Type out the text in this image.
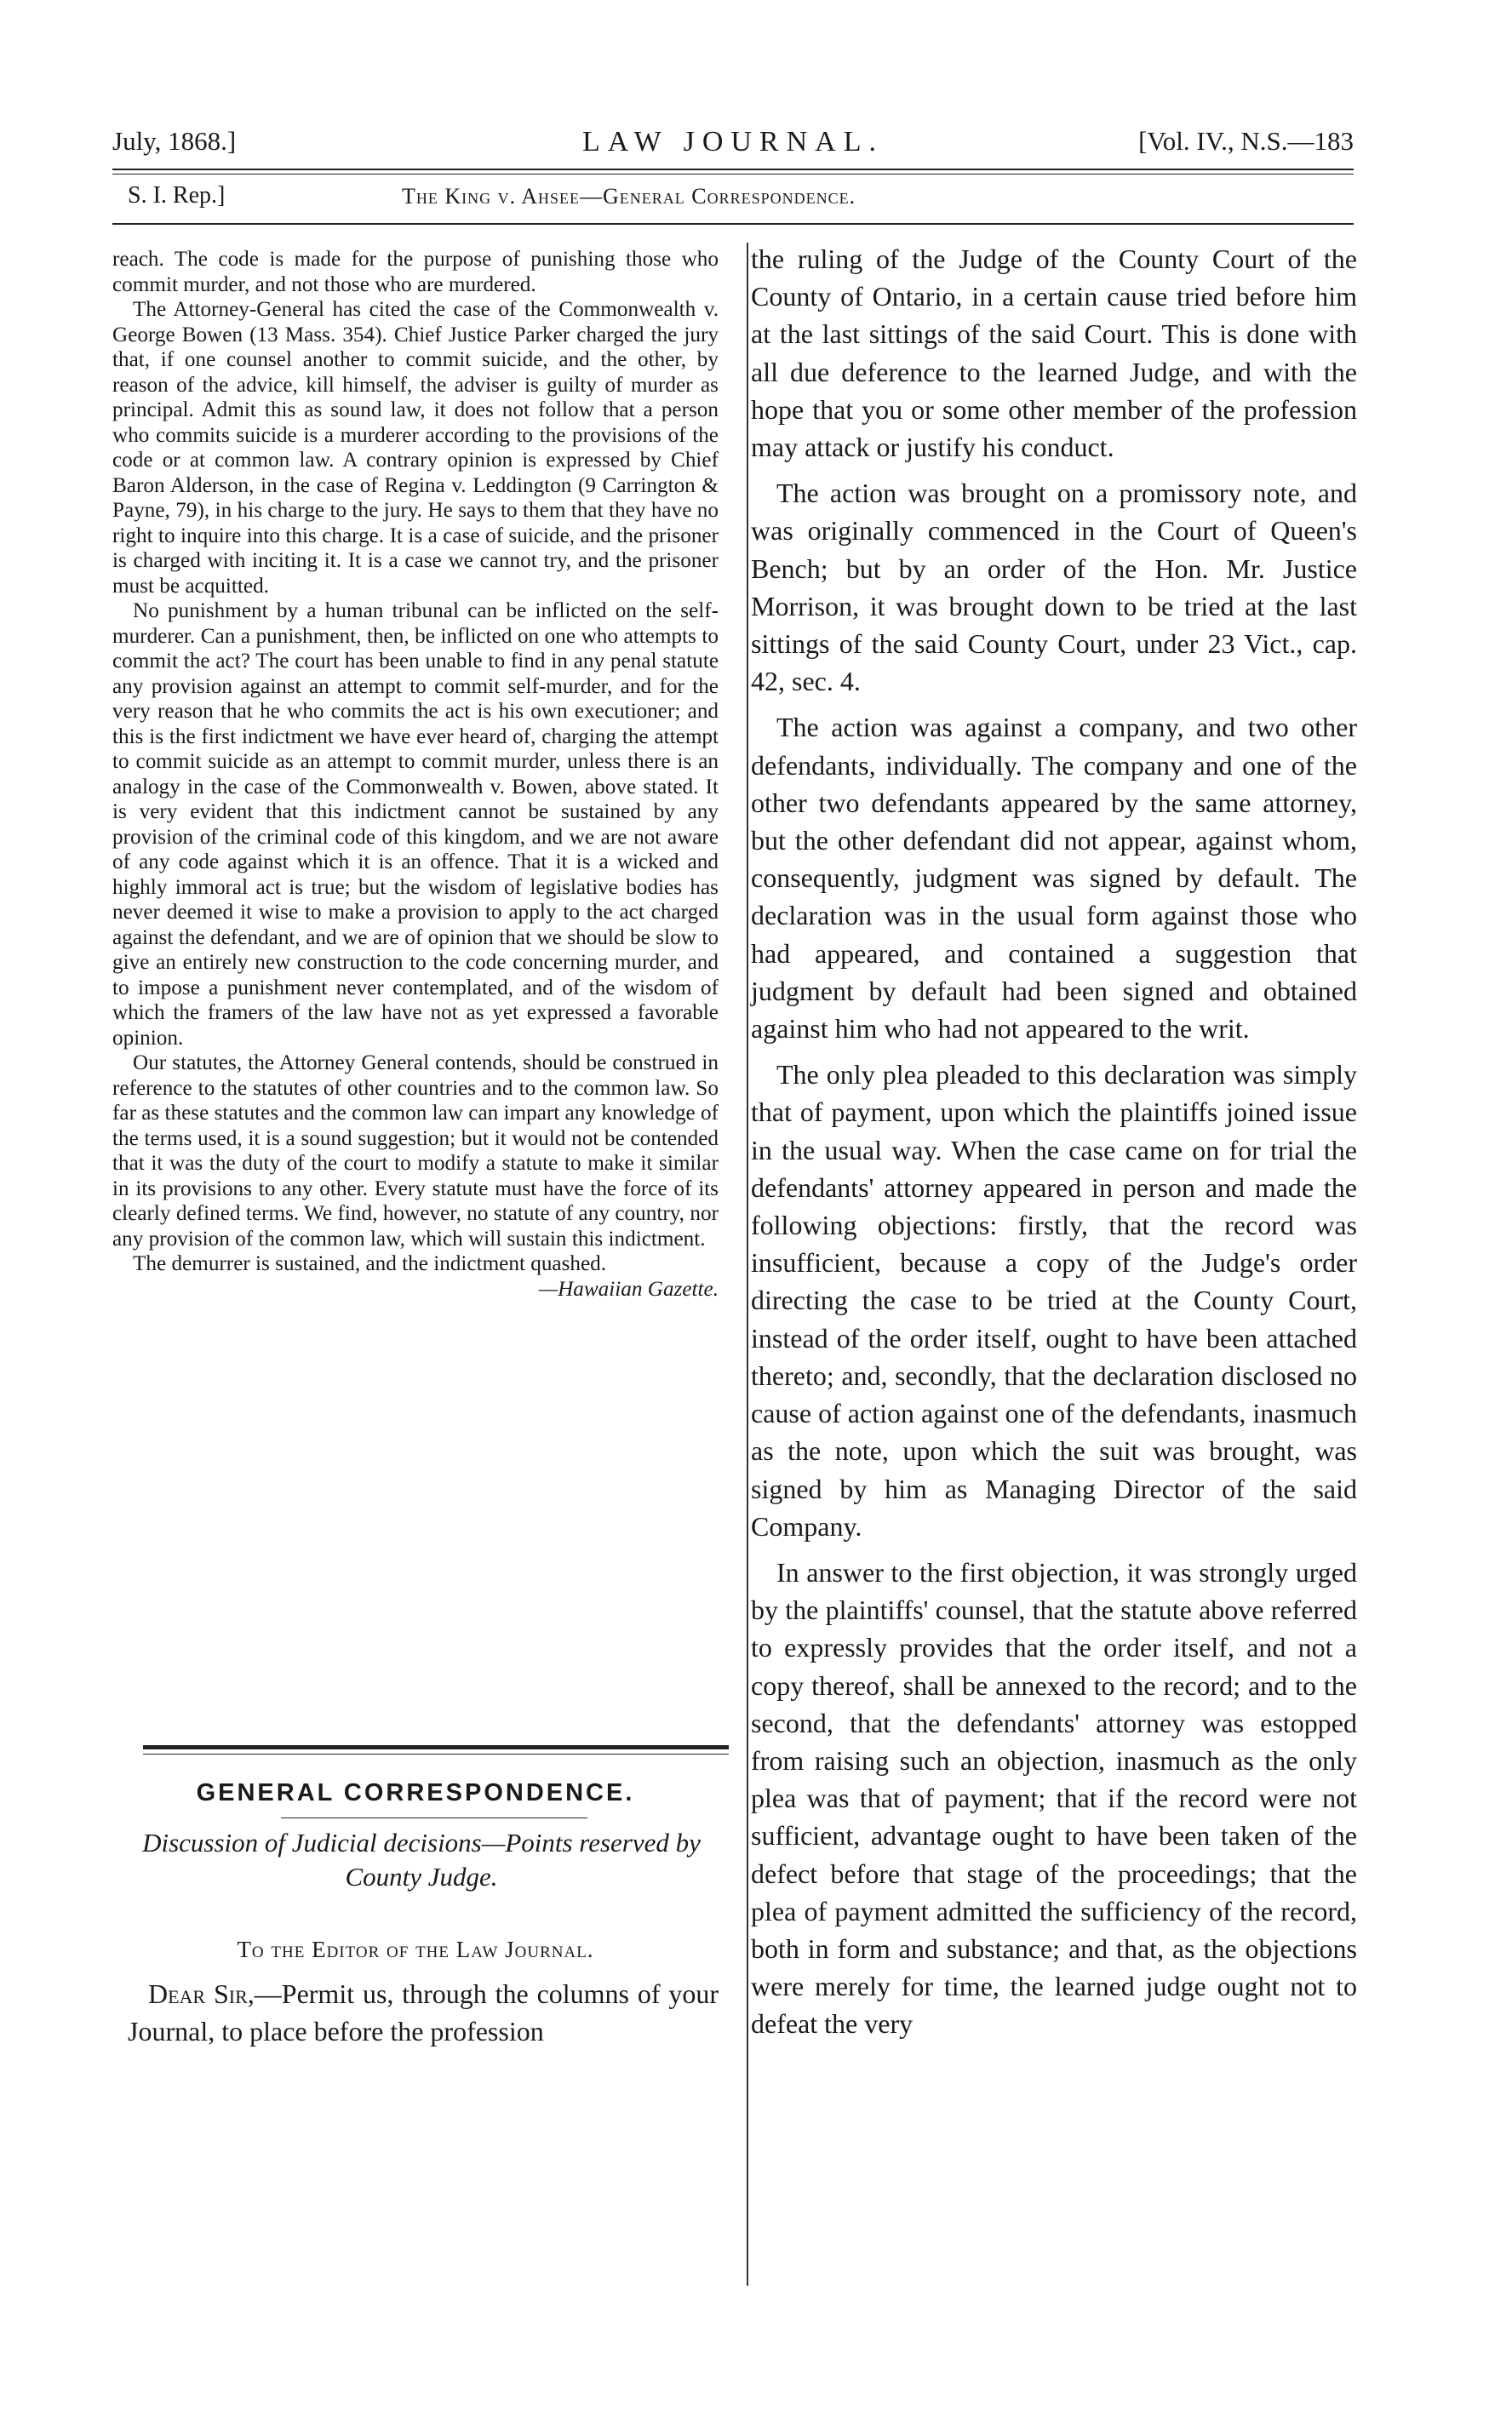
July, 1868.]	LAW JOURNAL.	[Vol. IV., N.S.—183
S. I. Rep.]	The King v. Ahsee—General Correspondence.

reach. The code is made for the purpose of punishing those who commit murder, and not those who are murdered.

The Attorney-General has cited the case of the Commonwealth v. George Bowen (13 Mass. 354). Chief Justice Parker charged the jury that, if one counsel another to commit suicide, and the other, by reason of the advice, kill himself, the adviser is guilty of murder as principal. Admit this as sound law, it does not follow that a person who commits suicide is a murderer according to the provisions of the code or at common law. A contrary opinion is expressed by Chief Baron Alderson, in the case of Regina v. Leddington (9 Carrington & Payne, 79), in his charge to the jury. He says to them that they have no right to inquire into this charge. It is a case of suicide, and the prisoner is charged with inciting it. It is a case we cannot try, and the prisoner must be acquitted.

No punishment by a human tribunal can be inflicted on the self-murderer. Can a punishment, then, be inflicted on one who attempts to commit the act? The court has been unable to find in any penal statute any provision against an attempt to commit self-murder, and for the very reason that he who commits the act is his own executioner; and this is the first indictment we have ever heard of, charging the attempt to commit suicide as an attempt to commit murder, unless there is an analogy in the case of the Commonwealth v. Bowen, above stated. It is very evident that this indictment cannot be sustained by any provision of the criminal code of this kingdom, and we are not aware of any code against which it is an offence. That it is a wicked and highly immoral act is true; but the wisdom of legislative bodies has never deemed it wise to make a provision to apply to the act charged against the defendant, and we are of opinion that we should be slow to give an entirely new construction to the code concerning murder, and to impose a punishment never contemplated, and of the wisdom of which the framers of the law have not as yet expressed a favorable opinion.

Our statutes, the Attorney General contends, should be construed in reference to the statutes of other countries and to the common law. So far as these statutes and the common law can impart any knowledge of the terms used, it is a sound suggestion; but it would not be contended that it was the duty of the court to modify a statute to make it similar in its provisions to any other. Every statute must have the force of its clearly defined terms. We find, however, no statute of any country, nor any provision of the common law, which will sustain this indictment.

The demurrer is sustained, and the indictment quashed.
—Hawaiian Gazette.

GENERAL CORRESPONDENCE.
Discussion of Judicial decisions—Points reserved by County Judge.
To the Editor of the Law Journal.
Dear Sir,—Permit us, through the columns of your Journal, to place before the profession

the ruling of the Judge of the County Court of the County of Ontario, in a certain cause tried before him at the last sittings of the said Court. This is done with all due deference to the learned Judge, and with the hope that you or some other member of the profession may attack or justify his conduct.

The action was brought on a promissory note, and was originally commenced in the Court of Queen's Bench; but by an order of the Hon. Mr. Justice Morrison, it was brought down to be tried at the last sittings of the said County Court, under 23 Vict., cap. 42, sec. 4.

The action was against a company, and two other defendants, individually. The company and one of the other two defendants appeared by the same attorney, but the other defendant did not appear, against whom, consequently, judgment was signed by default. The declaration was in the usual form against those who had appeared, and contained a suggestion that judgment by default had been signed and obtained against him who had not appeared to the writ.

The only plea pleaded to this declaration was simply that of payment, upon which the plaintiffs joined issue in the usual way. When the case came on for trial the defendants' attorney appeared in person and made the following objections: firstly, that the record was insufficient, because a copy of the Judge's order directing the case to be tried at the County Court, instead of the order itself, ought to have been attached thereto; and, secondly, that the declaration disclosed no cause of action against one of the defendants, inasmuch as the note, upon which the suit was brought, was signed by him as Managing Director of the said Company.

In answer to the first objection, it was strongly urged by the plaintiffs' counsel, that the statute above referred to expressly provides that the order itself, and not a copy thereof, shall be annexed to the record; and to the second, that the defendants' attorney was estopped from raising such an objection, inasmuch as the only plea was that of payment; that if the record were not sufficient, advantage ought to have been taken of the defect before that stage of the proceedings; that the plea of payment admitted the sufficiency of the record, both in form and substance; and that, as the objections were merely for time, the learned judge ought not to defeat the very
